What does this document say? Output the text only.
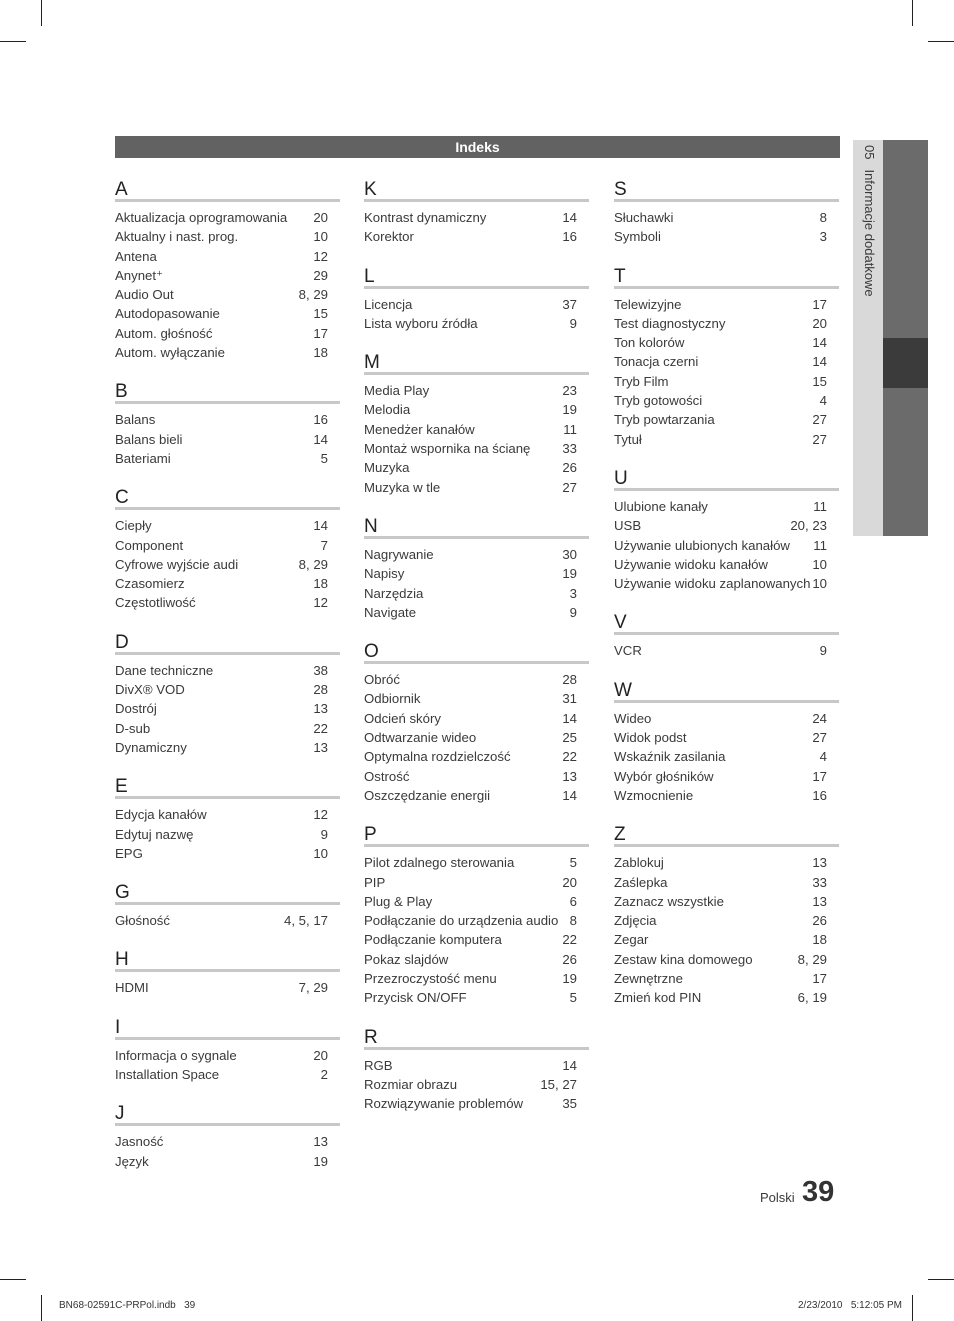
Indeks	05Informacje dodatkowe
A
Aktualizacja oprogramowania 20
Aktualny i nast. prog.	10
Antena	12
Anynet⁺	29
Audio Out	8, 29
Autodopasowanie	15
Autom. głośność	17
Autom. wyłączanie	18
B
Balans	16
Balans bieli	14
Bateriami	5
C
Ciepły	14
Component	7
Cyfrowe wyjście audi	8, 29
Czasomierz	18
Częstotliwość	12
D
Dane techniczne	38
DivX® VOD	28
Dostrój	13
D-sub	22
Dynamiczny	13
E
Edycja kanałów	12
Edytuj nazwę	9
EPG	10
G
Głośność	4, 5, 17
H
HDMI	7, 29
I
Informacja o sygnale	20
Installation Space	2
J
Jasność	13
Język	19
K
Kontrast dynamiczny	14
Korektor	16
L
Licencja	37
Lista wyboru źródła	9
M
Media Play	23
Melodia	19
Menedżer kanałów	11
Montaż wspornika na ścianę 33
Muzyka	26
Muzyka w tle	27
N
Nagrywanie	30
Napisy	19
Narzędzia	3
Navigate	9
O
Obróć	28
Odbiornik	31
Odcień skóry	14
Odtwarzanie wideo	25
Optymalna rozdzielczość	22
Ostrość	13
Oszczędzanie energii	14
P
Pilot zdalnego sterowania	5
PIP	20
Plug & Play	6
Podłączanie do urządzenia audio 8
Podłączanie komputera	22
Pokaz slajdów	26
Przezroczystość menu	19
Przycisk ON/OFF	5
R
RGB	14
Rozmiar obrazu	15, 27
Rozwiązywanie problemów	35
S
Słuchawki	8
Symboli	3
T
Telewizyjne	17
Test diagnostyczny	20
Ton kolorów	14
Tonacja czerni	14
Tryb Film	15
Tryb gotowości	4
Tryb powtarzania	27
Tytuł	27
U
Ulubione kanały	11
USB	20, 23
Używanie ulubionych kanałów 11
Używanie widoku kanałów	10
Używanie widoku zaplanowanych 10
V
VCR	9
W
Wideo	24
Widok podst	27
Wskaźnik zasilania	4
Wybór głośników	17
Wzmocnienie	16
Z
Zablokuj	13
Zaślepka	33
Zaznacz wszystkie	13
Zdjęcia	26
Zegar	18
Zestaw kina domowego	8, 29
Zewnętrzne	17
Zmień kod PIN	6, 19
Polski 39
BN68-02591C-PRPol.indb   39	2/23/2010   5:12:05 PM
